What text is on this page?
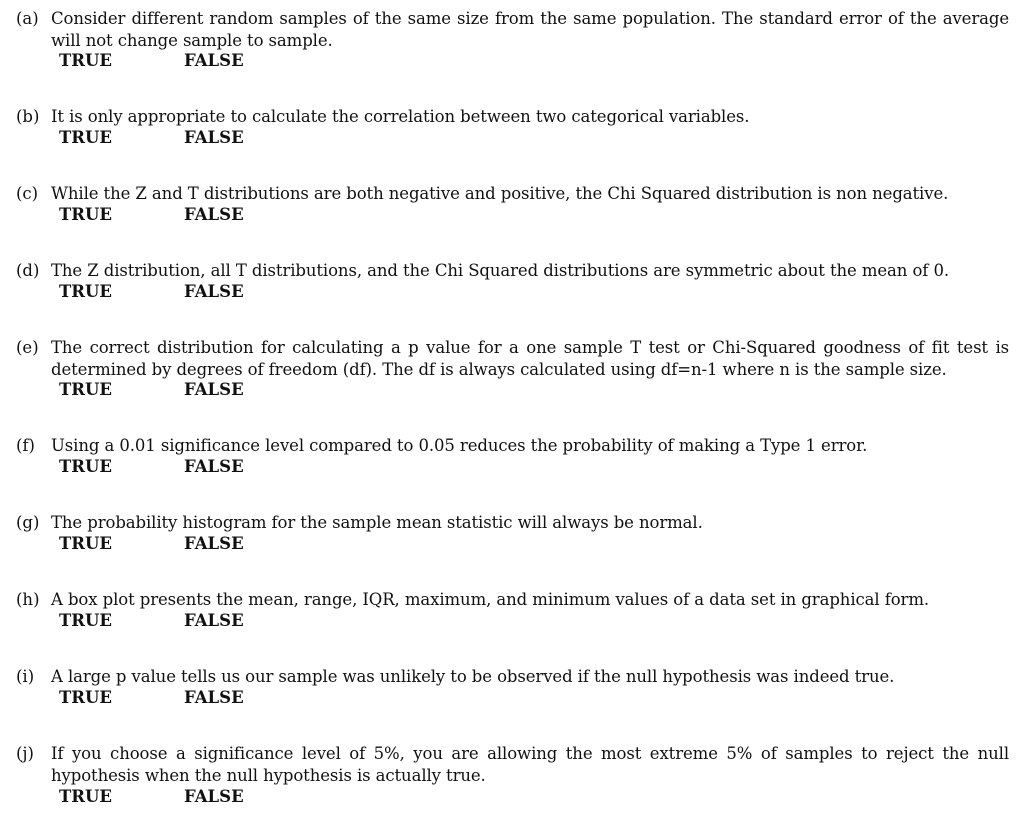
(a) Consider different random samples of the same size from the same population. The standard error of the average will not change sample to sample.
TRUE	FALSE
(b) It is only appropriate to calculate the correlation between two categorical variables.
TRUE	FALSE
(c) While the Z and T distributions are both negative and positive, the Chi Squared distribution is non negative.
TRUE	FALSE
(d) The Z distribution, all T distributions, and the Chi Squared distributions are symmetric about the mean of 0.
TRUE	FALSE
(e) The correct distribution for calculating a p value for a one sample T test or Chi-Squared goodness of fit test is determined by degrees of freedom (df). The df is always calculated using df=n-1 where n is the sample size.
TRUE	FALSE
(f) Using a 0.01 significance level compared to 0.05 reduces the probability of making a Type 1 error.
TRUE	FALSE
(g) The probability histogram for the sample mean statistic will always be normal.
TRUE	FALSE
(h) A box plot presents the mean, range, IQR, maximum, and minimum values of a data set in graphical form.
TRUE	FALSE
(i) A large p value tells us our sample was unlikely to be observed if the null hypothesis was indeed true.
TRUE	FALSE
(j) If you choose a significance level of 5%, you are allowing the most extreme 5% of samples to reject the null hypothesis when the null hypothesis is actually true.
TRUE	FALSE
